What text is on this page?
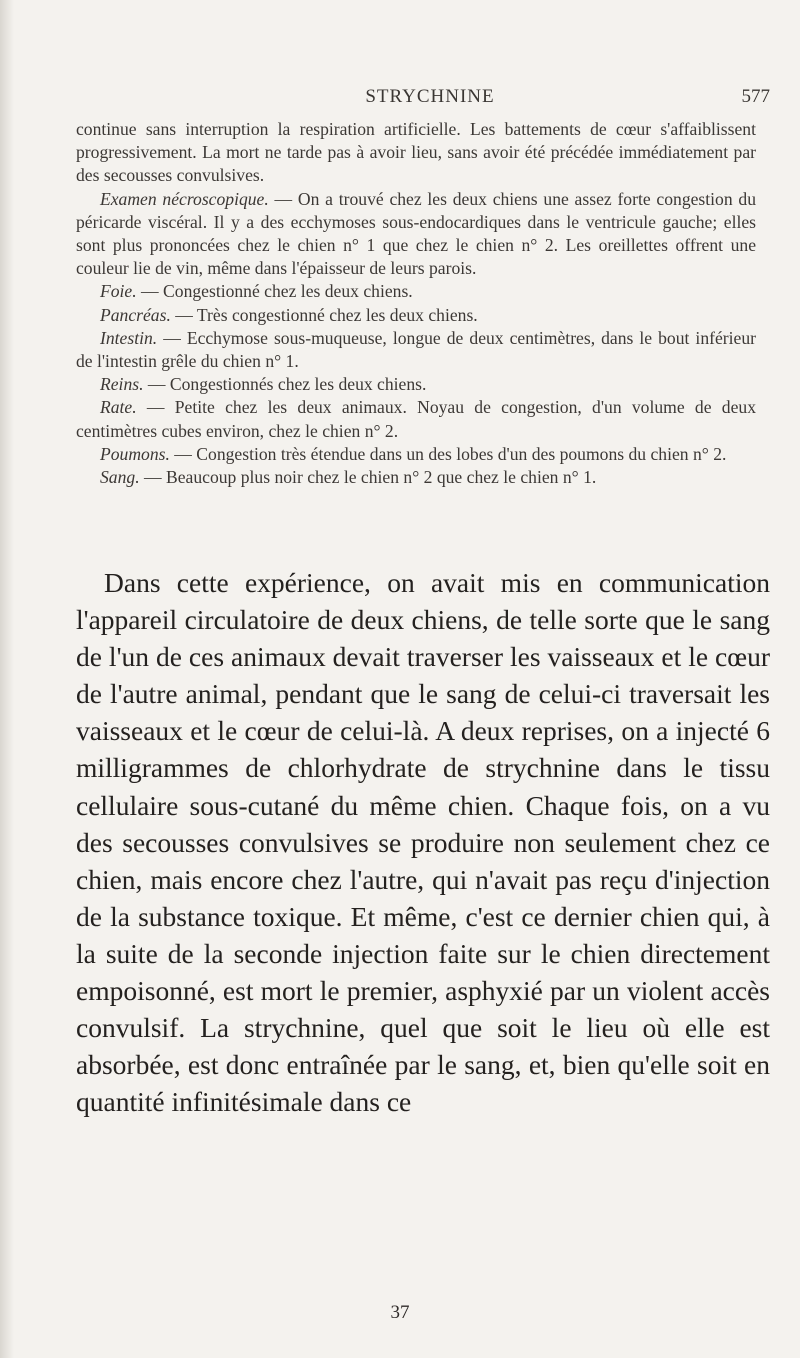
STRYCHNINE	577

continue sans interruption la respiration artificielle. Les battements de cœur s'affaiblissent progressivement. La mort ne tarde pas à avoir lieu, sans avoir été précédée immédiatement par des secousses convulsives.

Examen nécroscopique. — On a trouvé chez les deux chiens une assez forte congestion du péricarde viscéral. Il y a des ecchymoses sous-endocardiques dans le ventricule gauche; elles sont plus prononcées chez le chien n° 1 que chez le chien n° 2. Les oreillettes offrent une couleur lie de vin, même dans l'épaisseur de leurs parois.

Foie. — Congestionné chez les deux chiens.

Pancréas. — Très congestionné chez les deux chiens.

Intestin. — Ecchymose sous-muqueuse, longue de deux centimètres, dans le bout inférieur de l'intestin grêle du chien n° 1.

Reins. — Congestionnés chez les deux chiens.

Rate. — Petite chez les deux animaux. Noyau de congestion, d'un volume de deux centimètres cubes environ, chez le chien n° 2.

Poumons. — Congestion très étendue dans un des lobes d'un des poumons du chien n° 2.

Sang. — Beaucoup plus noir chez le chien n° 2 que chez le chien n° 1.

Dans cette expérience, on avait mis en communication l'appareil circulatoire de deux chiens, de telle sorte que le sang de l'un de ces animaux devait traverser les vaisseaux et le cœur de l'autre animal, pendant que le sang de celui-ci traversait les vaisseaux et le cœur de celui-là. A deux reprises, on a injecté 6 milligrammes de chlorhydrate de strychnine dans le tissu cellulaire sous-cutané du même chien. Chaque fois, on a vu des secousses convulsives se produire non seulement chez ce chien, mais encore chez l'autre, qui n'avait pas reçu d'injection de la substance toxique. Et même, c'est ce dernier chien qui, à la suite de la seconde injection faite sur le chien directement empoisonné, est mort le premier, asphyxié par un violent accès convulsif. La strychnine, quel que soit le lieu où elle est absorbée, est donc entraînée par le sang, et, bien qu'elle soit en quantité infinitésimale dans ce

37
